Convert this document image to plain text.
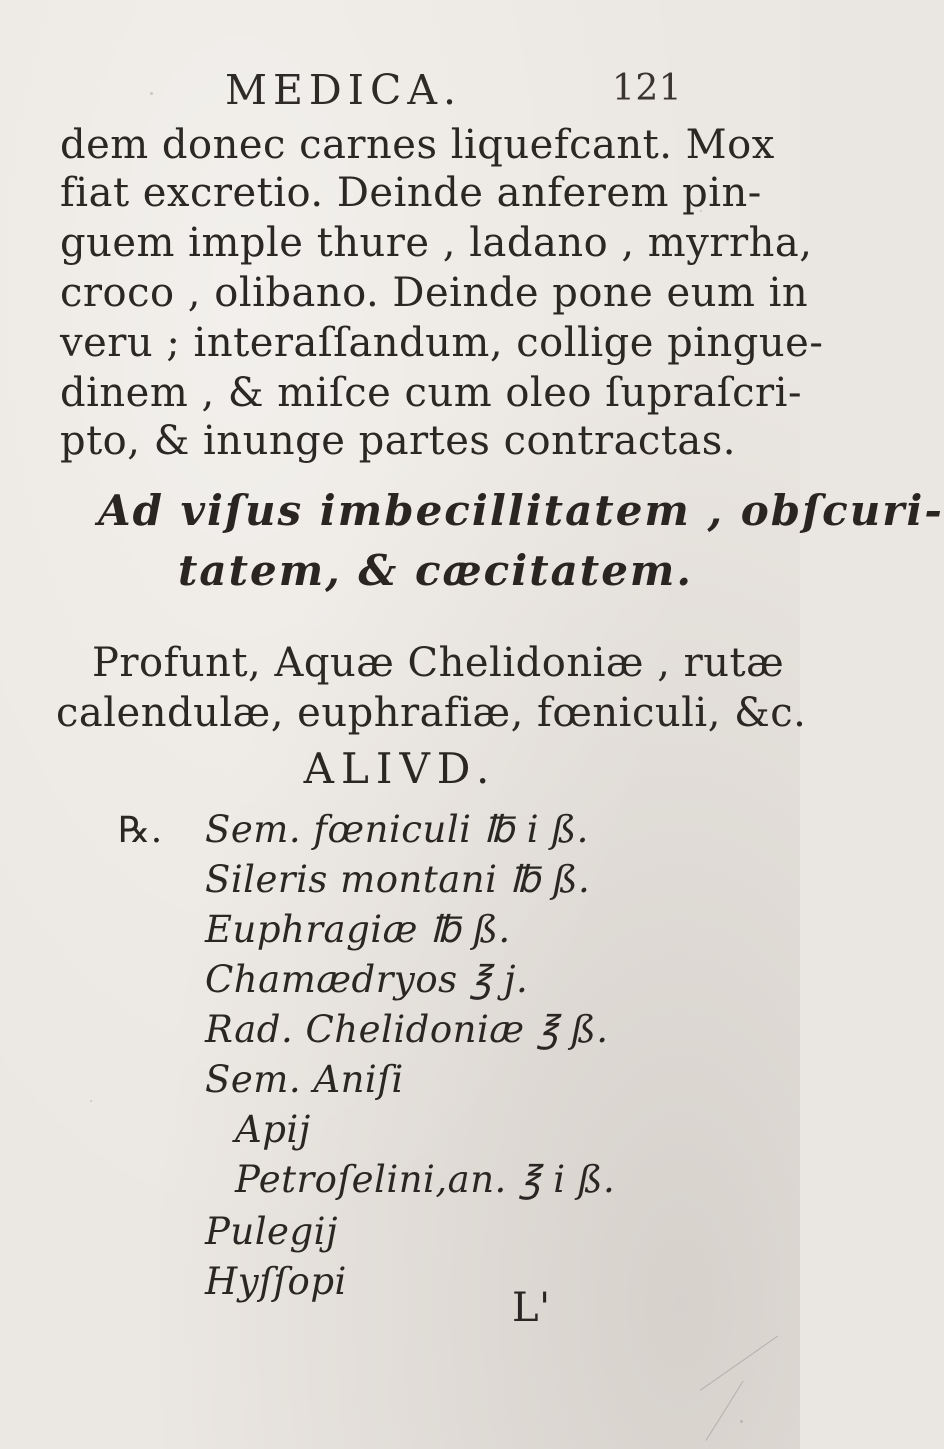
MEDICA.	121
dem donec carnes liquefcant. Mox
fiat excretio. Deinde anferem pin-
guem imple thure , ladano , myrrha,
croco , olibano. Deinde pone eum in
veru ; interaſſandum, collige pingue-
dinem , & miſce cum oleo ſupraſcri-
pto, & inunge partes contractas.
Ad viſus imbecillitatem , obſcuri-
tatem, & cæcitatem.
Profunt, Aquæ Chelidoniæ , rutæ
calendulæ, euphrafiæ, fœniculi, &c.
ALIVD.
℞. Sem. fœniculi ℔ i ß.
Sileris montani ℔ ß.
Euphragiæ ℔ ß.
Chamædryos ℥ j.
Rad. Chelidoniæ ℥ ß.
Sem. Aniſi
Apij
Petroſelini,an. ℥ i ß.
Pulegij
Hyſſopi
L'
